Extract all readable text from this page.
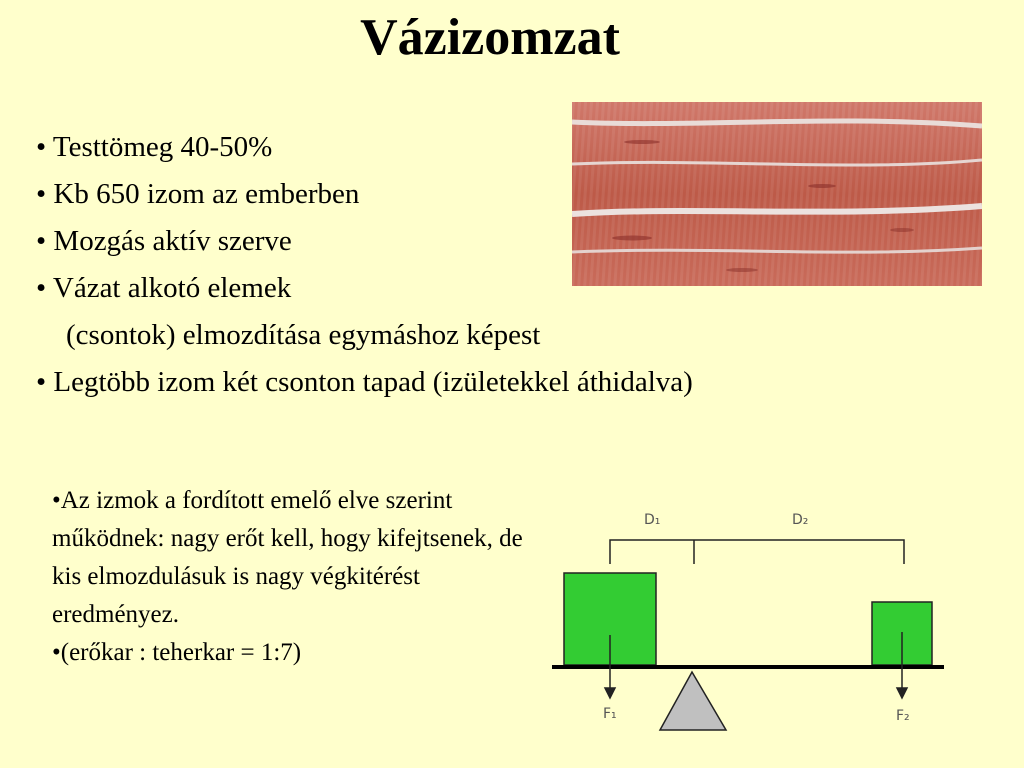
Vázizomzat
• Testtömeg 40-50%
• Kb 650 izom az emberben
• Mozgás aktív szerve
• Vázat alkotó elemek
(csontok) elmozdítása egymáshoz képest
• Legtöbb izom két csonton tapad (izületekkel áthidalva)
•Az izmok a fordított emelő elve szerint működnek: nagy erőt kell, hogy kifejtsenek, de kis elmozdulásuk is nagy végkitérést eredményez.
•(erőkar : teherkar = 1:7)
D₁	D₂
F₁	F₂
